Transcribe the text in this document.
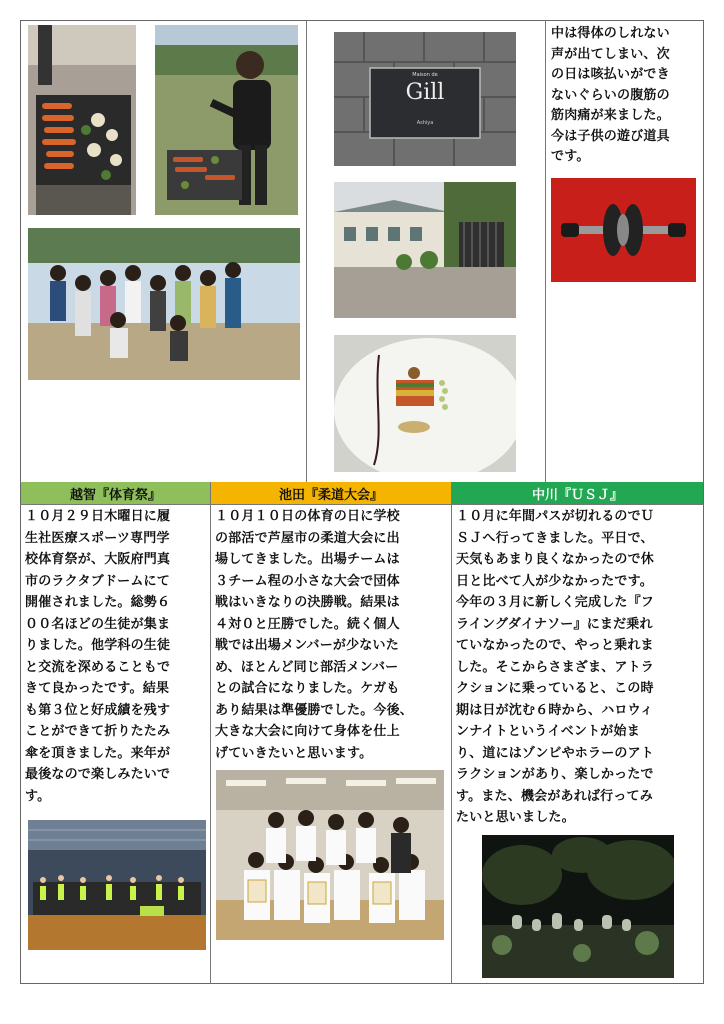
Maison de
Gill
Ashiya

中は得体のしれない

声が出てしまい、次

の日は咳払いができ

ないぐらいの腹筋の

筋肉痛が来ました。

今は子供の遊び道具

です。

越智『体育祭』	池田『柔道大会』	中川『ＵＳＪ』

１０月２９日木曜日に履

生社医療スポーツ専門学

校体育祭が、大阪府門真

市のラクタブドームにて

開催されました。総勢６

００名ほどの生徒が集ま

りました。他学科の生徒

と交流を深めることもで

きて良かったです。結果

も第３位と好成績を残す

ことができて折りたたみ

傘を頂きました。来年が

最後なので楽しみたいで

す。

１０月１０日の体育の日に学校

の部活で芦屋市の柔道大会に出

場してきました。出場チームは

３チーム程の小さな大会で団体

戦はいきなりの決勝戦。結果は

４対０と圧勝でした。続く個人

戦では出場メンバーが少ないた

め、ほとんど同じ部活メンバー

との試合になりました。ケガも

あり結果は準優勝でした。今後、

大きな大会に向けて身体を仕上

げていきたいと思います。

１０月に年間パスが切れるのでＵ

ＳＪへ行ってきました。平日で、

天気もあまり良くなかったので休

日と比べて人が少なかったです。

今年の３月に新しく完成した『フ

ライングダイナソー』にまだ乗れ

ていなかったので、やっと乗れま

した。そこからさまざま、アトラ

クションに乗っていると、この時

期は日が沈む６時から、ハロウィ

ンナイトというイベントが始ま

り、道にはゾンビやホラーのアト

ラクションがあり、楽しかったで

す。また、機会があれば行ってみ

たいと思いました。
